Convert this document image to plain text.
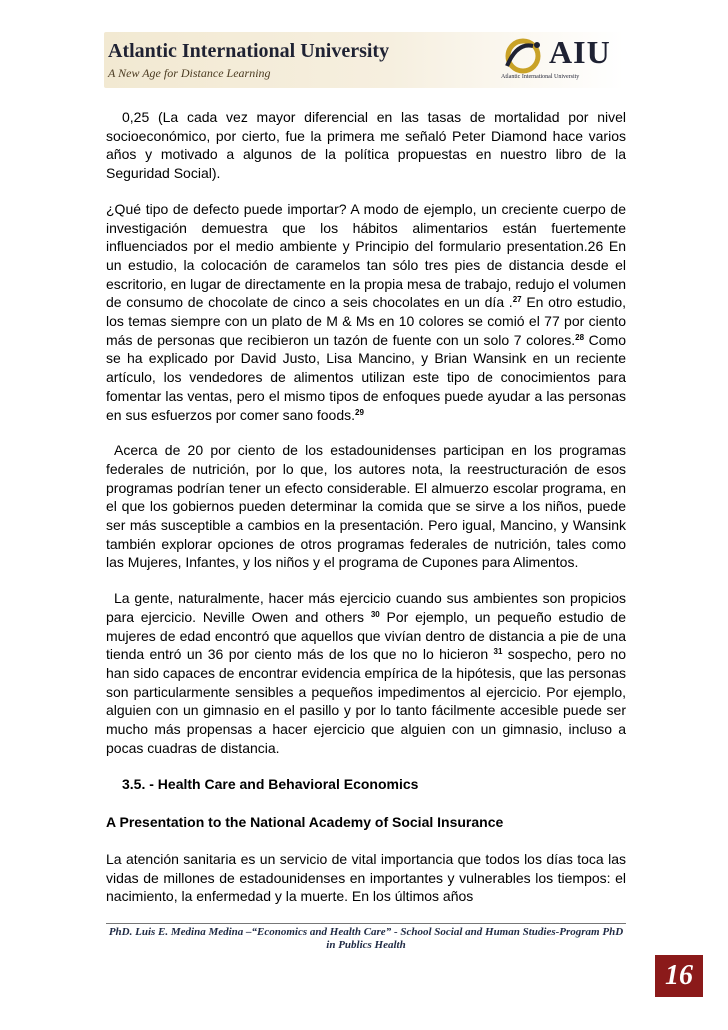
Atlantic International University
A New Age for Distance Learning
AIU
Atlantic International University

0,25 (La cada vez mayor diferencial en las tasas de mortalidad por nivel socioeconómico, por cierto, fue la primera me señaló Peter Diamond hace varios años y motivado a algunos de la política propuestas en nuestro libro de la Seguridad Social).

¿Qué tipo de defecto puede importar? A modo de ejemplo, un creciente cuerpo de investigación demuestra que los hábitos alimentarios están fuertemente influenciados por el medio ambiente y Principio del formulario presentation.26 En un estudio, la colocación de caramelos tan sólo tres pies de distancia desde el escritorio, en lugar de directamente en la propia mesa de trabajo, redujo el volumen de consumo de chocolate de cinco a seis chocolates en un día .$^{27}$ En otro estudio, los temas siempre con un plato de M & Ms en 10 colores se comió el 77 por ciento más de personas que recibieron un tazón de fuente con un solo 7 colores.$^{28}$ Como se ha explicado por David Justo, Lisa Mancino, y Brian Wansink en un reciente artículo, los vendedores de alimentos utilizan este tipo de conocimientos para fomentar las ventas, pero el mismo tipos de enfoques puede ayudar a las personas en sus esfuerzos por comer sano foods.$^{29}$

Acerca de 20 por ciento de los estadounidenses participan en los programas federales de nutrición, por lo que, los autores nota, la reestructuración de esos programas podrían tener un efecto considerable. El almuerzo escolar programa, en el que los gobiernos pueden determinar la comida que se sirve a los niños, puede ser más susceptible a cambios en la presentación. Pero igual, Mancino, y Wansink también explorar opciones de otros programas federales de nutrición, tales como las Mujeres, Infantes, y los niños y el programa de Cupones para Alimentos.

La gente, naturalmente, hacer más ejercicio cuando sus ambientes son propicios para ejercicio. Neville Owen and others $^{30}$ Por ejemplo, un pequeño estudio de mujeres de edad encontró que aquellos que vivían dentro de distancia a pie de una tienda entró un 36 por ciento más de los que no lo hicieron $^{31}$ sospecho, pero no han sido capaces de encontrar evidencia empírica de la hipótesis, que las personas son particularmente sensibles a pequeños impedimentos al ejercicio. Por ejemplo, alguien con un gimnasio en el pasillo y por lo tanto fácilmente accesible puede ser mucho más propensas a hacer ejercicio que alguien con un gimnasio, incluso a pocas cuadras de distancia.

3.5. - Health Care and Behavioral Economics
A Presentation to the National Academy of Social Insurance

La atención sanitaria es un servicio de vital importancia que todos los días toca las vidas de millones de estadounidenses en importantes y vulnerables los tiempos: el nacimiento, la enfermedad y la muerte. En los últimos años

PhD. Luis E. Medina Medina –“Economics and Health Care” - School Social and Human Studies-Program PhD in Publics Health
16
